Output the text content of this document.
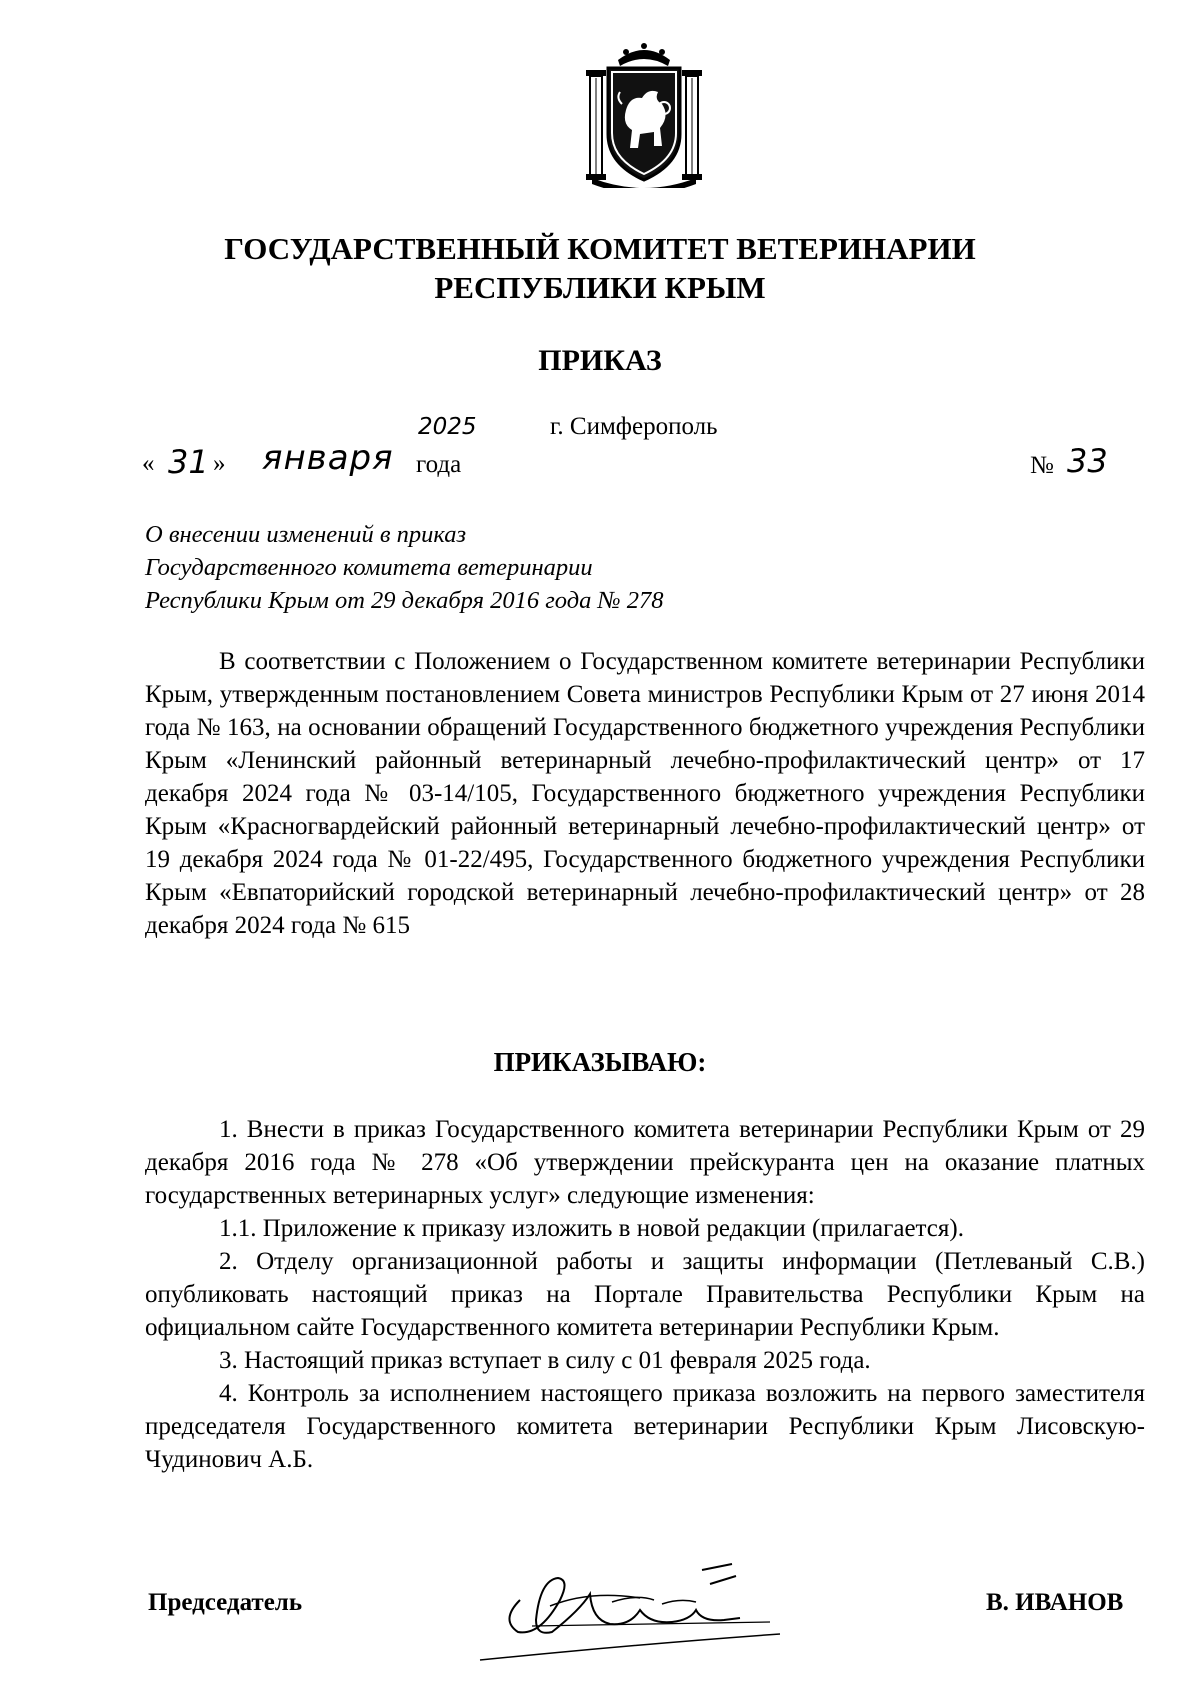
ГОСУДАРСТВЕННЫЙ КОМИТЕТ ВЕТЕРИНАРИИ
РЕСПУБЛИКИ КРЫМ
ПРИКАЗ
г. Симферополь
« 31 » января
2025
года	№ 33
О внесении изменений в приказ
Государственного комитета ветеринарии
Республики Крым от 29 декабря 2016 года № 278

В соответствии с Положением о Государственном комитете ветеринарии Республики Крым, утвержденным постановлением Совета министров Республики Крым от 27 июня 2014 года № 163, на основании обращений Государственного бюджетного учреждения Республики Крым «Ленинский районный ветеринарный лечебно-профилактический центр» от 17 декабря 2024 года № 03-14/105, Государственного бюджетного учреждения Республики Крым «Красногвардейский районный ветеринарный лечебно-профилактический центр» от 19 декабря 2024 года № 01-22/495, Государственного бюджетного учреждения Республики Крым «Евпаторийский городской ветеринарный лечебно-профилактический центр» от 28 декабря 2024 года № 615

ПРИКАЗЫВАЮ:

1. Внести в приказ Государственного комитета ветеринарии Республики Крым от 29 декабря 2016 года № 278 «Об утверждении прейскуранта цен на оказание платных государственных ветеринарных услуг» следующие изменения:

1.1. Приложение к приказу изложить в новой редакции (прилагается).

2. Отделу организационной работы и защиты информации (Петлеваный С.В.) опубликовать настоящий приказ на Портале Правительства Республики Крым на официальном сайте Государственного комитета ветеринарии Республики Крым.

3. Настоящий приказ вступает в силу с 01 февраля 2025 года.

4. Контроль за исполнением настоящего приказа возложить на первого заместителя председателя Государственного комитета ветеринарии Республики Крым Лисовскую-Чудинович А.Б.

Председатель	В. ИВАНОВ
